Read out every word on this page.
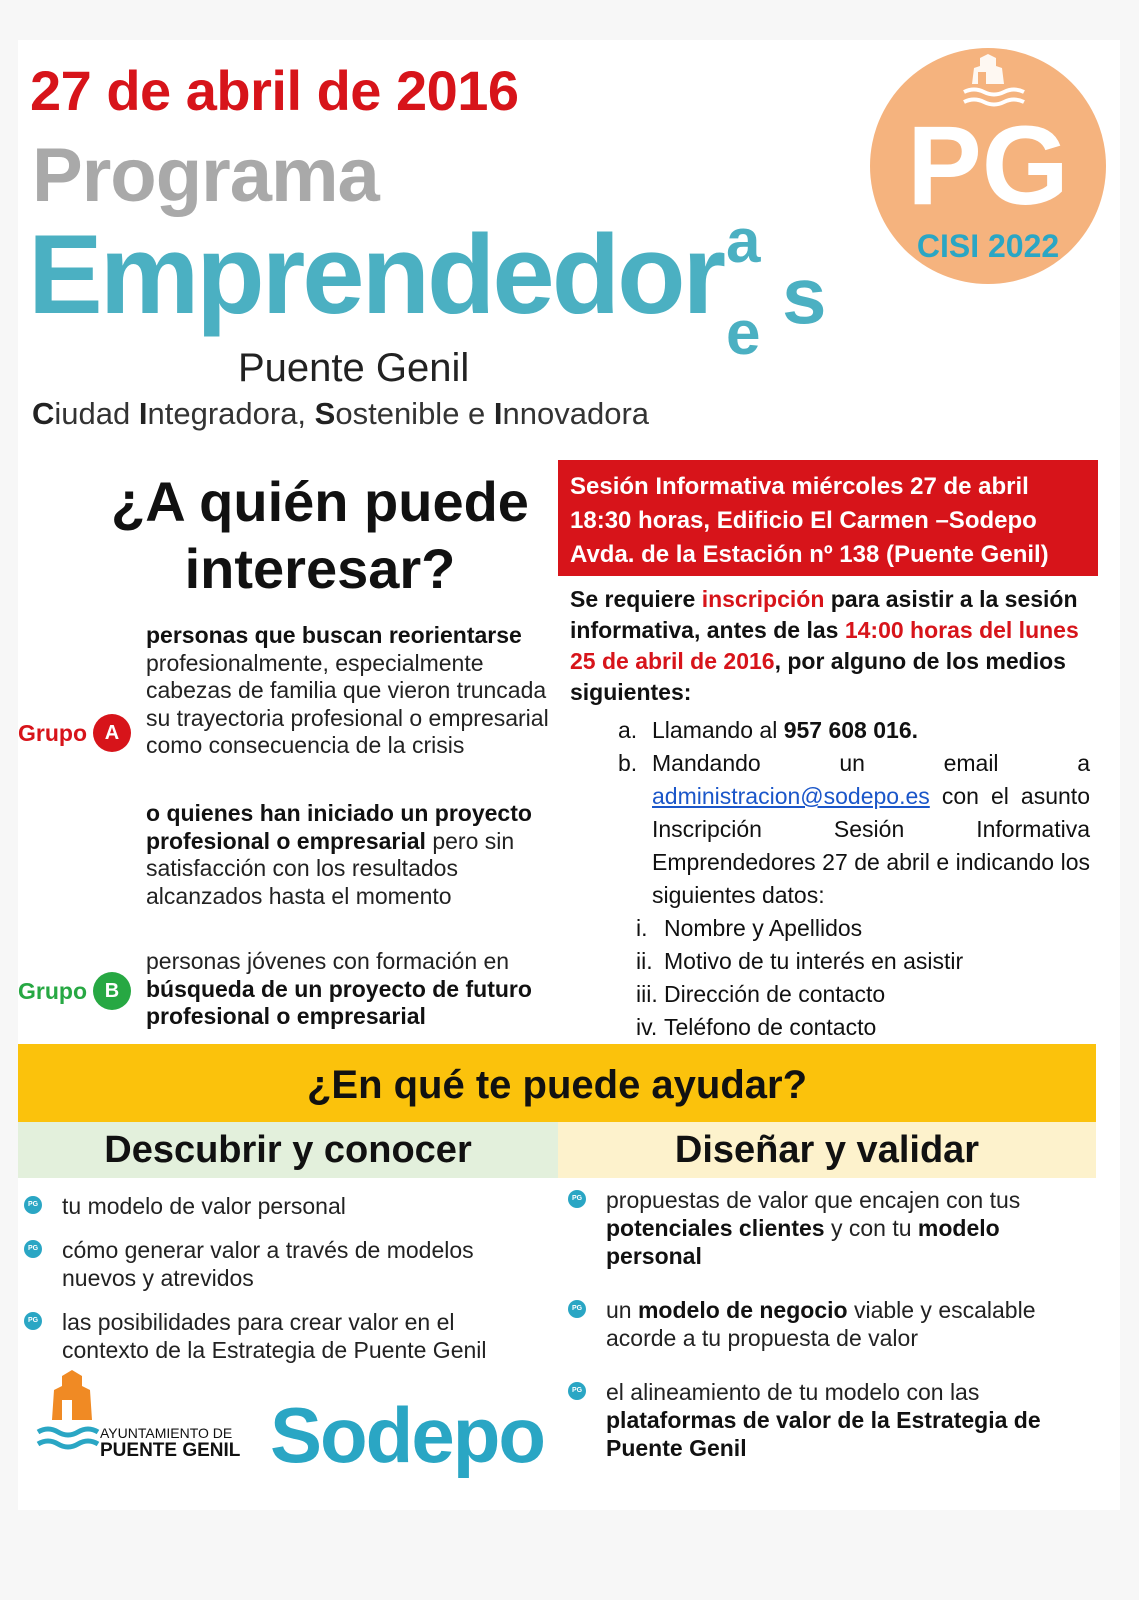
27 de abril de 2016
Programa
Emprendedor a
e s
Puente Genil
Ciudad Integradora, Sostenible e Innovadora
PG
CISI 2022
¿A quién puede interesar?
Grupo A
personas que buscan reorientarse
profesionalmente, especialmente cabezas de familia que vieron truncada su trayectoria profesional o empresarial como consecuencia de la crisis
o quienes han iniciado un proyecto profesional o empresarial pero sin satisfacción con los resultados alcanzados hasta el momento
Grupo B
personas jóvenes con formación en búsqueda de un proyecto de futuro profesional o empresarial
Sesión Informativa miércoles 27 de abril
18:30 horas, Edificio El Carmen –Sodepo
Avda. de la Estación nº 138 (Puente Genil)
Se requiere inscripción para asistir a la sesión informativa, antes de las 14:00 horas del lunes 25 de abril de 2016, por alguno de los medios siguientes:
a. Llamando al 957 608 016.
b. Mandando un email a
administracion@sodepo.es con el asunto Inscripción Sesión Informativa Emprendedores 27 de abril e indicando los siguientes datos:
i. Nombre y Apellidos
ii. Motivo de tu interés en asistir
iii. Dirección de contacto
iv. Teléfono de contacto
¿En qué te puede ayudar?
Descubrir y conocer	Diseñar y validar
PG tu modelo de valor personal
PG cómo generar valor a través de modelos nuevos y atrevidos
PG las posibilidades para crear valor en el contexto de la Estrategia de Puente Genil
PG propuestas de valor que encajen con tus potenciales clientes y con tu modelo personal
PG un modelo de negocio viable y escalable acorde a tu propuesta de valor
PG el alineamiento de tu modelo con las plataformas de valor de la Estrategia de Puente Genil
AYUNTAMIENTO DE
PUENTE GENIL Sodepo
